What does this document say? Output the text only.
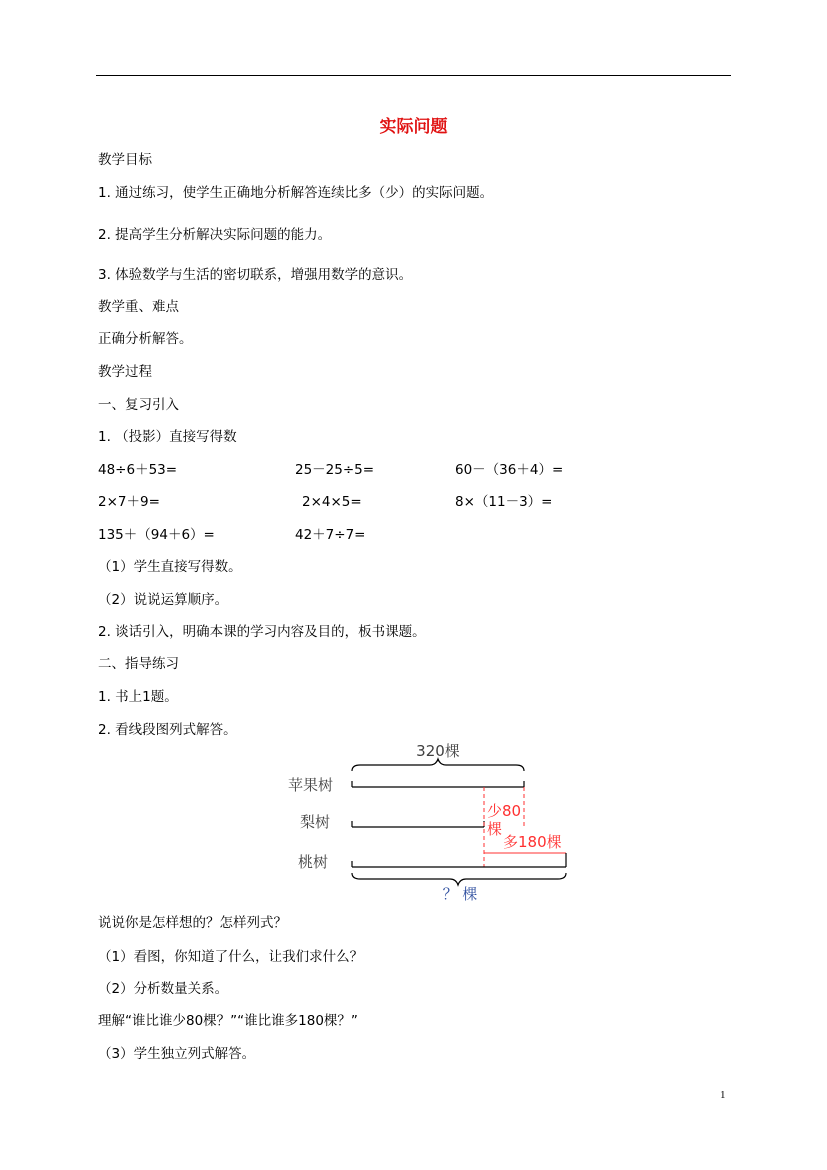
实际问题
教学目标
1. 通过练习，使学生正确地分析解答连续比多（少）的实际问题。
2. 提高学生分析解决实际问题的能力。
3. 体验数学与生活的密切联系，增强用数学的意识。
教学重、难点
正确分析解答。
教学过程
一、复习引入
1. （投影）直接写得数
48÷6＋53=	25－25÷5=	60－（36＋4）=
2×7＋9=	2×4×5=	8×（11－3）=
135＋（94＋6）=	42＋7÷7=
（1）学生直接写得数。
（2）说说运算顺序。
2. 谈话引入，明确本课的学习内容及目的，板书课题。
二、指导练习
1. 书上1题。
2. 看线段图列式解答。
320棵
苹果树
梨树
少80
棵
多180棵
桃树
？ 棵
说说你是怎样想的？怎样列式？
（1）看图，你知道了什么，让我们求什么？
（2）分析数量关系。
理解“谁比谁少80棵？”“谁比谁多180棵？”
（3）学生独立列式解答。
1
